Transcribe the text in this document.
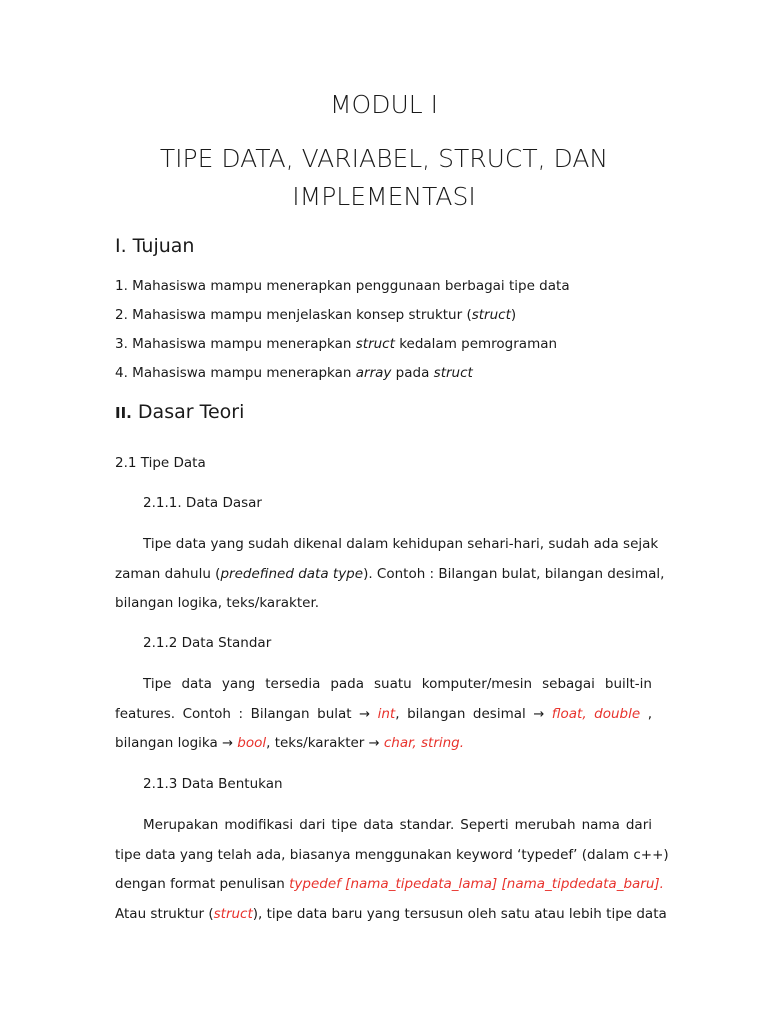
MODUL I
TIPE DATA, VARIABEL, STRUCT, DAN
IMPLEMENTASI
I. Tujuan
1. Mahasiswa mampu menerapkan penggunaan berbagai tipe data
2. Mahasiswa mampu menjelaskan konsep struktur (struct)
3. Mahasiswa mampu menerapkan struct kedalam pemrograman
4. Mahasiswa mampu menerapkan array pada struct
II. Dasar Teori
2.1 Tipe Data
2.1.1. Data Dasar
Tipe data yang sudah dikenal dalam kehidupan sehari-hari, sudah ada sejak
zaman dahulu (predefined data type). Contoh : Bilangan bulat, bilangan desimal,
bilangan logika, teks/karakter.
2.1.2 Data Standar
Tipe data yang tersedia pada suatu komputer/mesin sebagai built-in
features. Contoh : Bilangan bulat → int, bilangan desimal → float, double ,
bilangan logika → bool, teks/karakter → char, string.
2.1.3 Data Bentukan
Merupakan modifikasi dari tipe data standar. Seperti merubah nama dari
tipe data yang telah ada, biasanya menggunakan keyword ‘typedef’ (dalam c++)
dengan format penulisan typedef [nama_tipedata_lama] [nama_tipdedata_baru].
Atau struktur (struct), tipe data baru yang tersusun oleh satu atau lebih tipe data
